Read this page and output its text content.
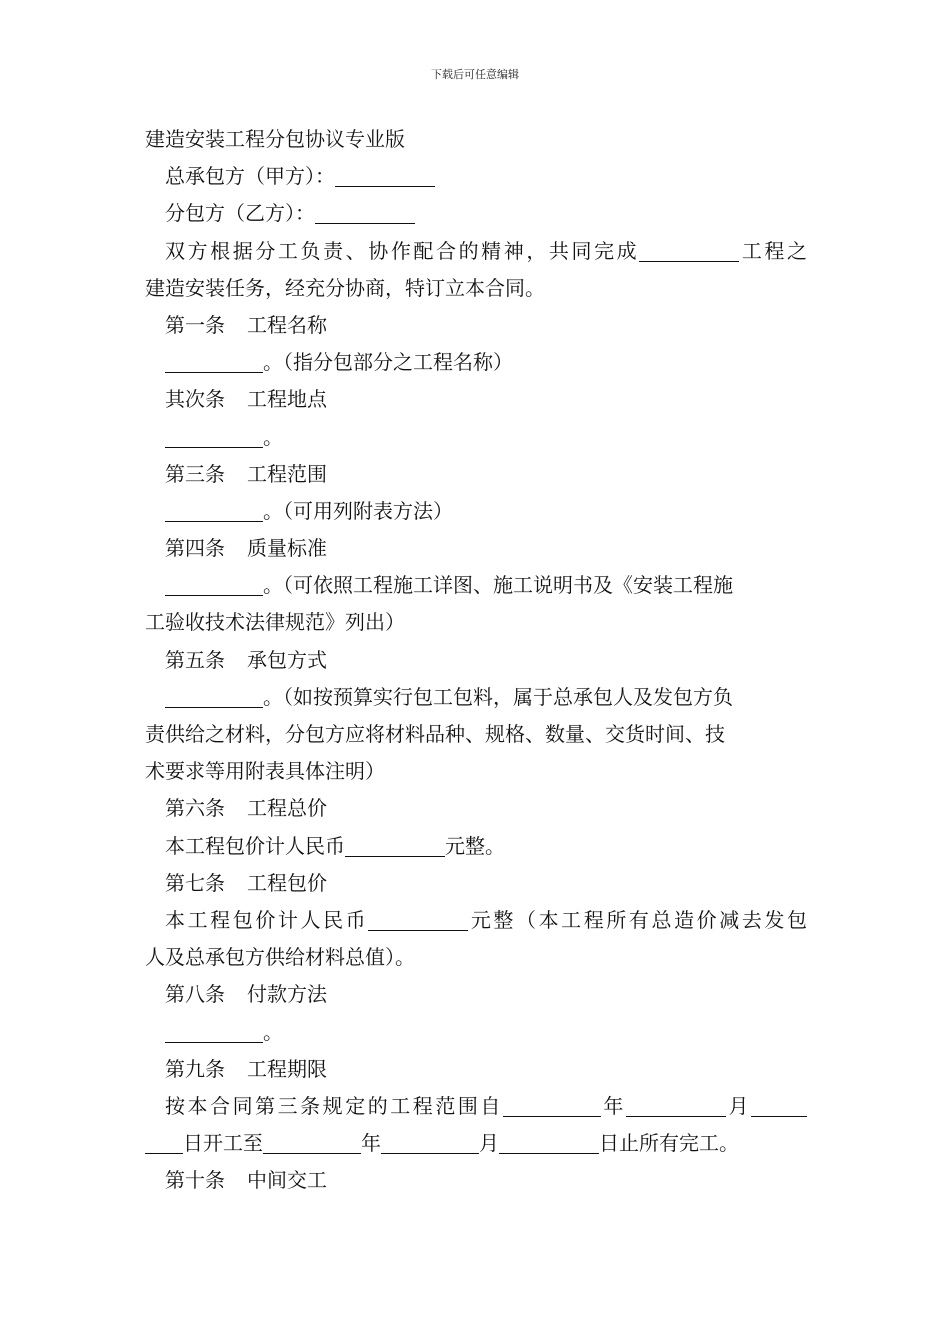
下载后可任意编辑
建造安装工程分包协议专业版
总承包方（甲方）：
分包方（乙方）：
双方根据分工负责、协作配合的精神，共同完成	工程之
建造安装任务，经充分协商，特订立本合同。
第一条 工程名称
。（指分包部分之工程名称）
其次条 工程地点
。
第三条 工程范围
。（可用列附表方法）
第四条 质量标准
。（可依照工程施工详图、施工说明书及《安装工程施
工验收技术法律规范》列出）
第五条 承包方式
。（如按预算实行包工包料，属于总承包人及发包方负
责供给之材料，分包方应将材料品种、规格、数量、交货时间、技
术要求等用附表具体注明）
第六条 工程总价
本工程包价计人民币	元整。
第七条 工程包价
本工程包价计人民币	元整（本工程所有总造价减去发包
人及总承包方供给材料总值）。
第八条 付款方法
。
第九条 工程期限
按本合同第三条规定的工程范围自	年	月
日开工至	年	月	日止所有完工。
第十条 中间交工
